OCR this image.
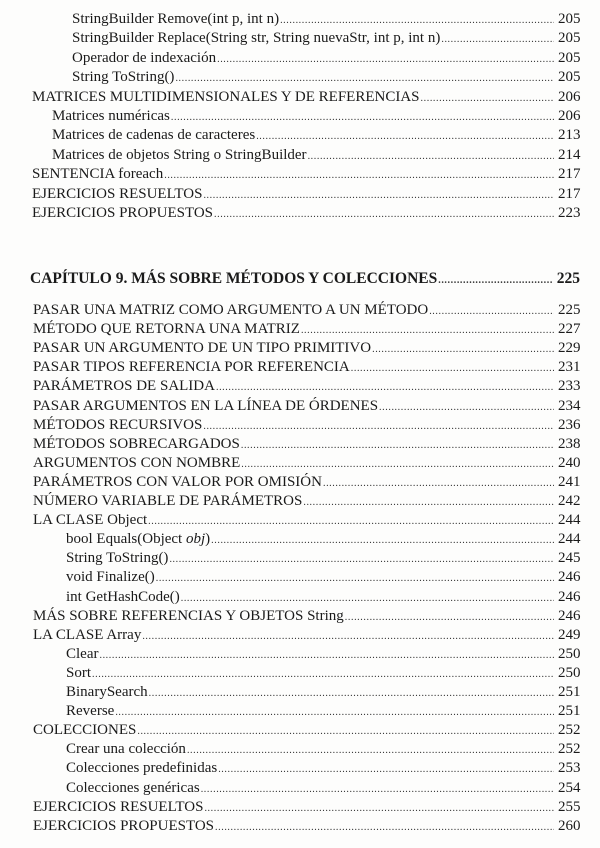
StringBuilder Remove(int p, int n) .....	205
StringBuilder Replace(String str, String nuevaStr, int p, int n) .....	205
Operador de indexación .....	205
String ToString() .....	205
MATRICES MULTIDIMENSIONALES Y DE REFERENCIAS .....	206
Matrices numéricas .....	206
Matrices de cadenas de caracteres .....	213
Matrices de objetos String o StringBuilder .....	214
SENTENCIA foreach .....	217
EJERCICIOS RESUELTOS .....	217
EJERCICIOS PROPUESTOS .....	223
CAPÍTULO 9. MÁS SOBRE MÉTODOS Y COLECCIONES .....	225
PASAR UNA MATRIZ COMO ARGUMENTO A UN MÉTODO .....	225
MÉTODO QUE RETORNA UNA MATRIZ .....	227
PASAR UN ARGUMENTO DE UN TIPO PRIMITIVO .....	229
PASAR TIPOS REFERENCIA POR REFERENCIA .....	231
PARÁMETROS DE SALIDA .....	233
PASAR ARGUMENTOS EN LA LÍNEA DE ÓRDENES .....	234
MÉTODOS RECURSIVOS .....	236
MÉTODOS SOBRECARGADOS .....	238
ARGUMENTOS CON NOMBRE .....	240
PARÁMETROS CON VALOR POR OMISIÓN .....	241
NÚMERO VARIABLE DE PARÁMETROS .....	242
LA CLASE Object .....	244
bool Equals(Object obj) .....	244
String ToString() .....	245
void Finalize() .....	246
int GetHashCode() .....	246
MÁS SOBRE REFERENCIAS Y OBJETOS String .....	246
LA CLASE Array .....	249
Clear .....	250
Sort .....	250
BinarySearch .....	251
Reverse .....	251
COLECCIONES .....	252
Crear una colección .....	252
Colecciones predefinidas .....	253
Colecciones genéricas .....	254
EJERCICIOS RESUELTOS .....	255
EJERCICIOS PROPUESTOS .....	260
